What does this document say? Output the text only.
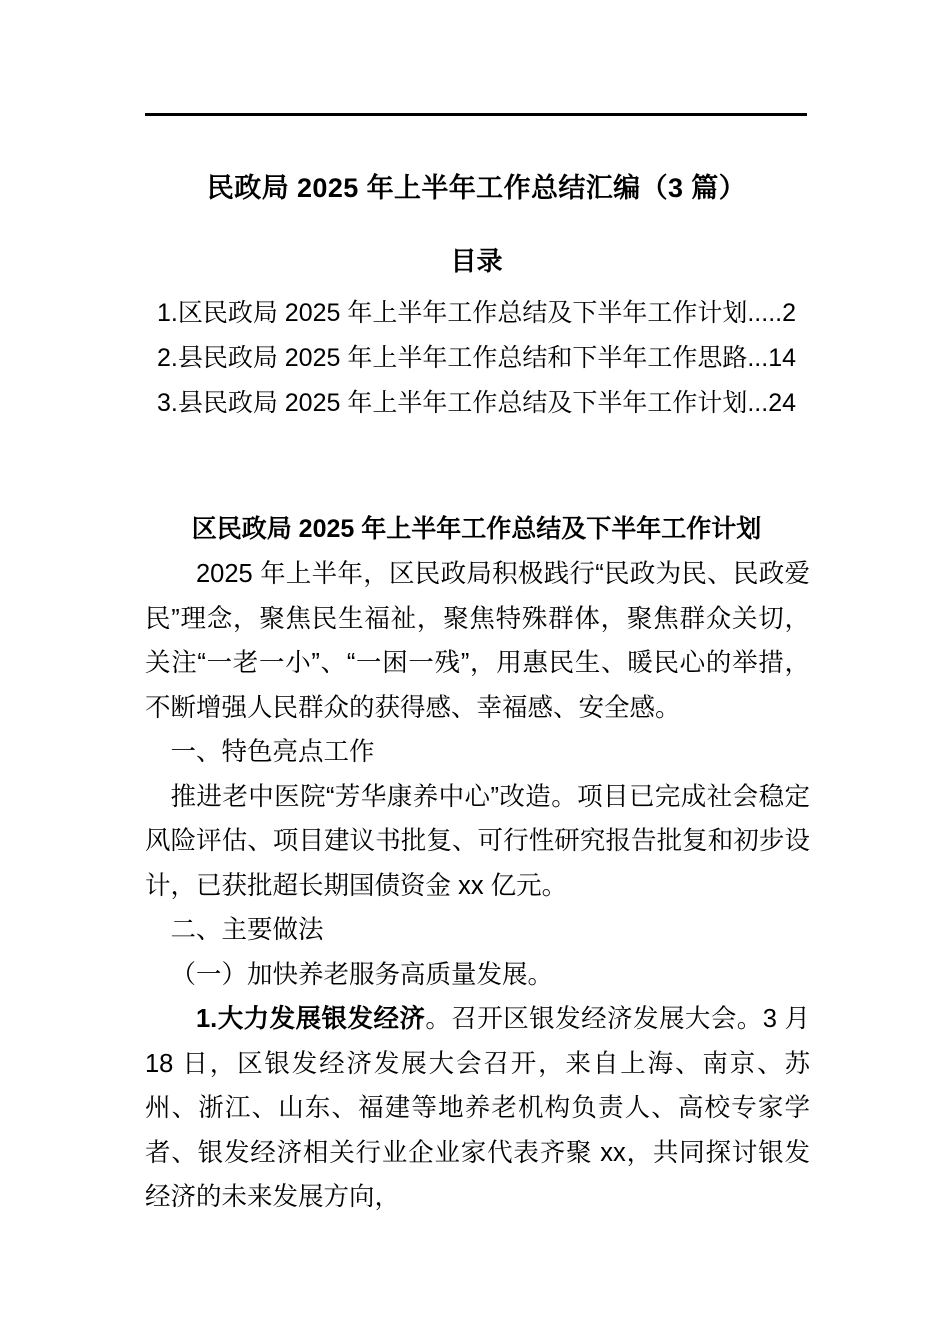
民政局 2025 年上半年工作总结汇编（3 篇）
目录
1.区民政局 2025 年上半年工作总结及下半年工作计划.....2
2.县民政局 2025 年上半年工作总结和下半年工作思路...14
3.县民政局 2025 年上半年工作总结及下半年工作计划...24
区民政局 2025 年上半年工作总结及下半年工作计划

2025 年上半年，区民政局积极践行“民政为民、民政爱民”理念，聚焦民生福祉，聚焦特殊群体，聚焦群众关切，关注“一老一小”、“一困一残”，用惠民生、暖民心的举措，不断增强人民群众的获得感、幸福感、安全感。

一、特色亮点工作

推进老中医院“芳华康养中心”改造。项目已完成社会稳定风险评估、项目建议书批复、可行性研究报告批复和初步设计，已获批超长期国债资金 xx 亿元。

二、主要做法

（一）加快养老服务高质量发展。

1.大力发展银发经济。召开区银发经济发展大会。3 月 18 日，区银发经济发展大会召开，来自上海、南京、苏州、浙江、山东、福建等地养老机构负责人、高校专家学者、银发经济相关行业企业家代表齐聚 xx，共同探讨银发经济的未来发展方向，
